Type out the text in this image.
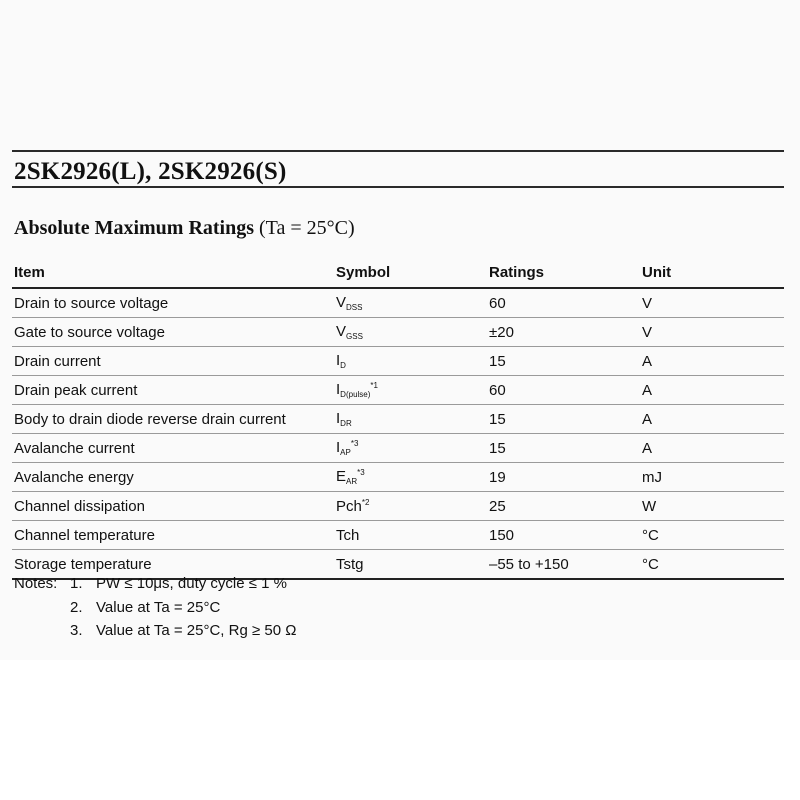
2SK2926(L), 2SK2926(S)
Absolute Maximum Ratings (Ta = 25°C)
Item	Symbol	Ratings	Unit
Drain to source voltage	$V_{DSS}$	60	V
Gate to source voltage	$V_{GSS}$	±20	V
Drain current	$I_D$	15	A
Drain peak current	$I_{D(pulse)}^{*1}$	60	A
Body to drain diode reverse drain current	$I_{DR}$	15	A
Avalanche current	$I_{AP}^{*3}$	15	A
Avalanche energy	$E_{AR}^{*3}$	19	mJ
Channel dissipation	Pch$^{*2}$	25	W
Channel temperature	Tch	150	°C
Storage temperature	Tstg	–55 to +150	°C
Notes: 1. PW ≤ 10μs, duty cycle ≤ 1 %
2. Value at Ta = 25°C
3. Value at Ta = 25°C, Rg ≥ 50 Ω
